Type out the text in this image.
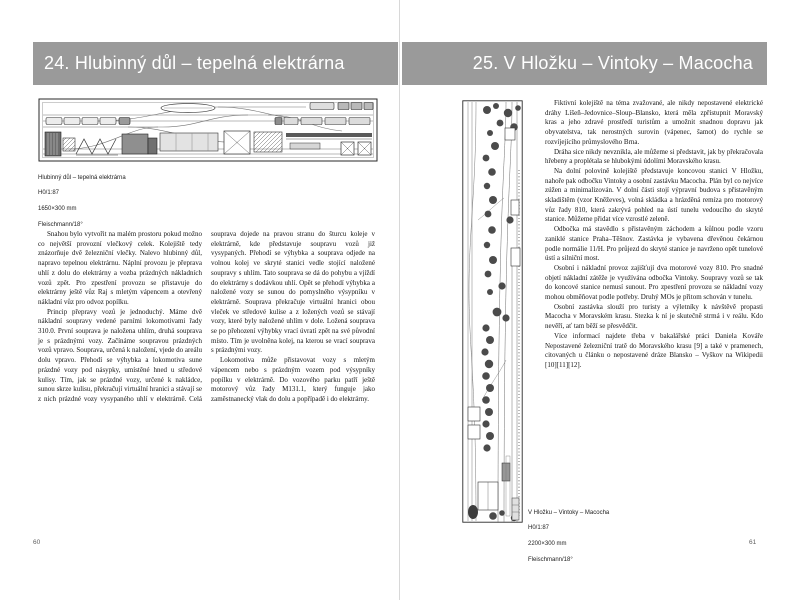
24. Hlubinný důl – tepelná elektrárna

Hlubinný důl – tepelná elektrárna

H0/1:87

1650×300 mm

Fleischmann/18°

Snahou bylo vytvořit na malém prostoru pokud možno co největší provozní vlečkový celek. Kolejiště tedy znázorňuje dvě železniční vlečky. Nalevo hlubinný důl, napravo tepelnou elektrárnu. Náplní provozu je přeprava uhlí z dolu do elektrárny a vozba prázdných nákladních vozů zpět. Pro zpestření provozu se přistavuje do elektrárny ještě vůz Raj s mletým vápencem a otevřený nákladní vůz pro odvoz popílku.

Princip přepravy vozů je jednoduchý. Máme dvě nákladní soupravy vedené parními lokomotivami řady 310.0. První souprava je naložena uhlím, druhá souprava je s prázdnými vozy. Začínáme soupravou prázdných vozů vpravo. Souprava, určená k naložení, vjede do areálu dolu vpravo. Přehodí se výhybka a lokomotiva sune prázdné vozy pod násypky, umístěné hned u středové kulisy. Tím, jak se prázdné vozy, určené k nakládce, sunou skrze kulisu, překračují virtuální hranici a stávají se z nich prázdné vozy vysypaného uhlí v elektrárně. Celá

souprava dojede na pravou stranu do šturcu koleje v elektrárně, kde představuje soupravu vozů již vysypaných. Přehodí se výhybka a souprava odjede na volnou kolej ve skryté stanici vedle stojící naložené soupravy s uhlím. Tato souprava se dá do pohybu a vjíždí do elektrárny s dodávkou uhlí. Opět se přehodí výhybka a naložené vozy se sunou do pomyslného výsypníku v elektrárně. Souprava překračuje virtuální hranici obou vleček ve středové kulise a z ložených vozů se stávají vozy, které byly naložené uhlím v dole. Ložená souprava se po přehození výhybky vrací úvratí zpět na své původní místo. Tím je uvolněna kolej, na kterou se vrací souprava s prázdnými vozy.

Lokomotiva může přistavovat vozy s mletým vápencem nebo s prázdným vozem pod výsypníky popílku v elektrárně. Do vozového parku patří ještě motorový vůz řady M131.1, který funguje jako zaměstnanecký vlak do dolu a popřípadě i do elektrárny.

60
25. V Hložku – Vintoky – Macocha

V Hložku – Vintoky – Macocha

H0/1:87

2200×300 mm

Fleischmann/18°

Fiktivní kolejiště na téma zvažované, ale nikdy nepostavené elektrické dráhy Líšeň–Jedovnice–Sloup–Blansko, která měla zpřístupnit Moravský kras a jeho zdravé prostředí turistům a umožnit snadnou dopravu jak obyvatelstva, tak nerostných surovin (vápenec, šamot) do rychle se rozvíjejícího průmyslového Brna.

Dráha sice nikdy nevznikla, ale můžeme si představit, jak by překračovala hřebeny a proplétala se hlubokými údolími Moravského krasu.

Na dolní polovině kolejiště představuje koncovou stanici V Hložku, nahoře pak odbočku Vintoky a osobní zastávku Macocha. Plán byl co nejvíce zúžen a minimalizován. V dolní části stojí výpravní budova s přistavěným skladištěm (vzor Kněževes), volná skládka a hrázděná remíza pro motorový vůz řady 810, která zakrývá pohled na ústí tunelu vedoucího do skryté stanice. Můžeme přidat více vzrostlé zeleně.

Odbočka má stavědlo s přistavěným záchodem a kůlnou podle vzoru zaniklé stanice Praha–Těšnov. Zastávka je vybavena dřevěnou čekárnou podle normálie 11/H. Pro průjezd do skryté stanice je navrženo opět tunelové ústí a silniční most.

Osobní i nákladní provoz zajišťují dva motorové vozy 810. Pro snadné objetí nákladní zátěže je využívána odbočka Vintoky. Soupravy vozů se tak do koncové stanice nemusí sunout. Pro zpestření provozu se nákladní vozy mohou obměňovat podle potřeby. Druhý MOs je přitom schován v tunelu.

Osobní zastávka slouží pro turisty a výletníky k návštěvě propasti Macocha v Moravském krasu. Stezka k ní je skutečně strmá i v reálu. Kdo nevěří, ať tam běží se přesvědčit.

Více informací najdete třeba v bakalářské práci Daniela Kováře Nepostavené železniční tratě do Moravského krasu [9] a také v pramenech, citovaných u článku o nepostavené dráze Blansko – Vyškov na Wikipedii [10][11][12].

61
